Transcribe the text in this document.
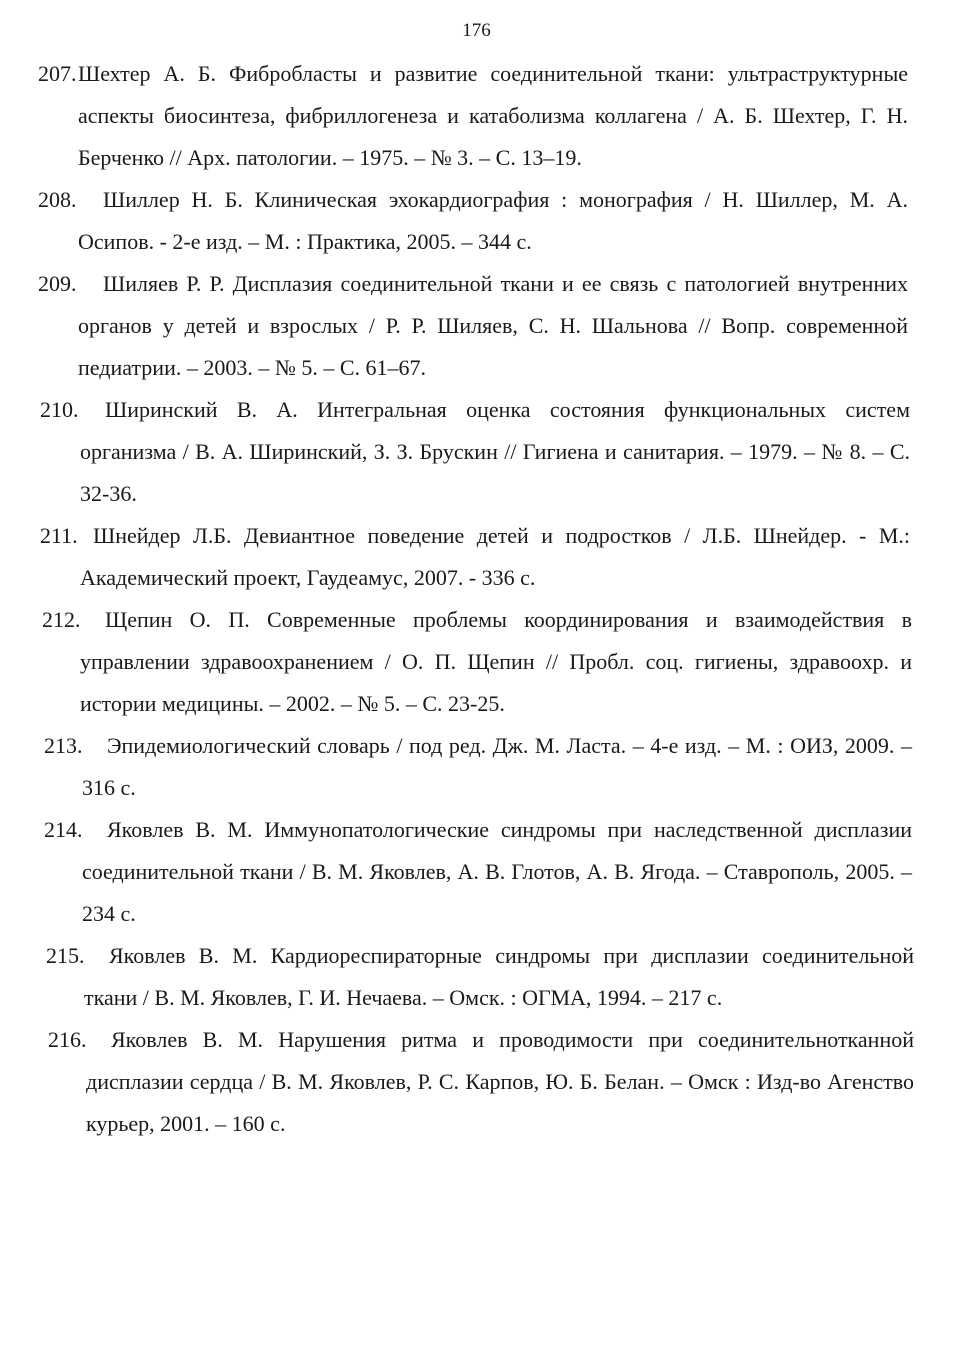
176
207. Шехтер А. Б. Фибробласты и развитие соединительной ткани: ультраструктурные аспекты биосинтеза, фибриллогенеза и катаболизма коллагена / А. Б. Шехтер, Г. Н. Берченко // Арх. патологии. – 1975. – № 3. – С. 13–19.
208.	Шиллер Н. Б. Клиническая эхокардиография : монография / Н. Шиллер, М. А. Осипов. - 2-е изд. – М. : Практика, 2005. – 344 с.
209.	Шиляев Р. Р. Дисплазия соединительной ткани и ее связь с патологией внутренних органов у детей и взрослых / Р. Р. Шиляев, С. Н. Шальнова // Вопр. современной педиатрии. – 2003. – № 5. – С. 61–67.
210.	Ширинский В. А. Интегральная оценка состояния функциональных систем организма / В. А. Ширинский, З. З. Брускин // Гигиена и санитария. – 1979. – № 8. – С. 32-36.
211. Шнейдер Л.Б. Девиантное поведение детей и подростков / Л.Б. Шнейдер. - М.: Академический проект, Гаудеамус, 2007. - 336 с.
212.	Щепин О. П. Современные проблемы координирования и взаимодействия в управлении здравоохранением / О. П. Щепин // Пробл. соц. гигиены, здравоохр. и истории медицины. – 2002. – № 5. – С. 23-25.
213.	Эпидемиологический словарь / под ред. Дж. М. Ласта. – 4-е изд. – М. : ОИЗ, 2009. – 316 с.
214.	Яковлев В. М. Иммунопатологические синдромы при наследственной дисплазии соединительной ткани / В. М. Яковлев, А. В. Глотов, А. В. Ягода. – Ставрополь, 2005. – 234 с.
215.	Яковлев В. М. Кардиореспираторные синдромы при дисплазии соединительной ткани / В. М. Яковлев, Г. И. Нечаева. – Омск. : ОГМА, 1994. – 217 с.
216.	Яковлев В. М. Нарушения ритма и проводимости при соединительнотканной дисплазии сердца / В. М. Яковлев, Р. С. Карпов, Ю. Б. Белан. – Омск : Изд-во Агенство курьер, 2001. – 160 с.
